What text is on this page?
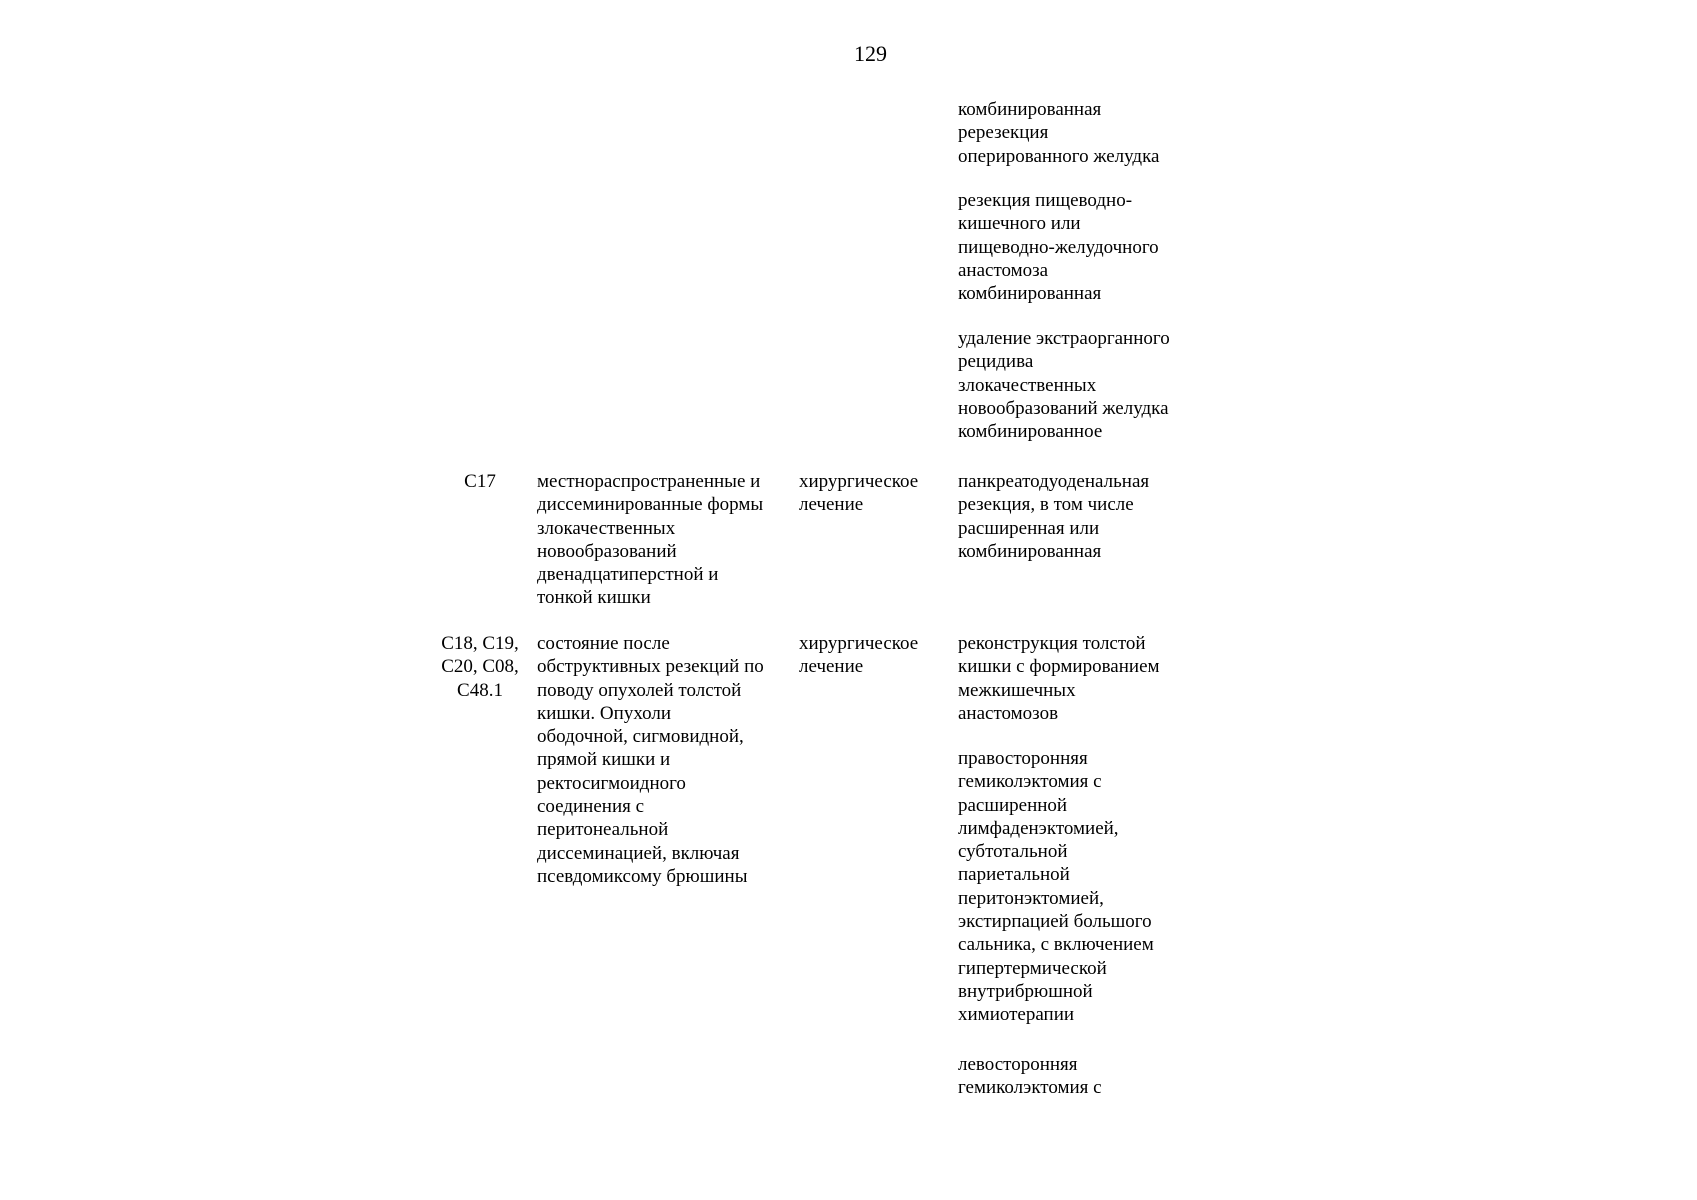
129

комбинированная
ререзекция
оперированного желудка

резекция пищеводно-
кишечного или
пищеводно-желудочного
анастомоза
комбинированная

удаление экстраорганного
рецидива
злокачественных
новообразований желудка
комбинированное

C17	местнораспространенные и
диссеминированные формы
злокачественных
новообразований
двенадцатиперстной и
тонкой кишки

хирургическое
лечение

панкреатодуоденальная
резекция, в том числе
расширенная или
комбинированная

C18, C19,
C20, C08,
C48.1

состояние после
обструктивных резекций по
поводу опухолей толстой
кишки. Опухоли
ободочной, сигмовидной,
прямой кишки и
ректосигмоидного
соединения с
перитонеальной
диссеминацией, включая
псевдомиксому брюшины

хирургическое
лечение

реконструкция толстой
кишки с формированием
межкишечных
анастомозов

правосторонняя
гемиколэктомия с
расширенной
лимфаденэктомией,
субтотальной
париетальной
перитонэктомией,
экстирпацией большого
сальника, с включением
гипертермической
внутрибрюшной
химиотерапии

левосторонняя
гемиколэктомия с
